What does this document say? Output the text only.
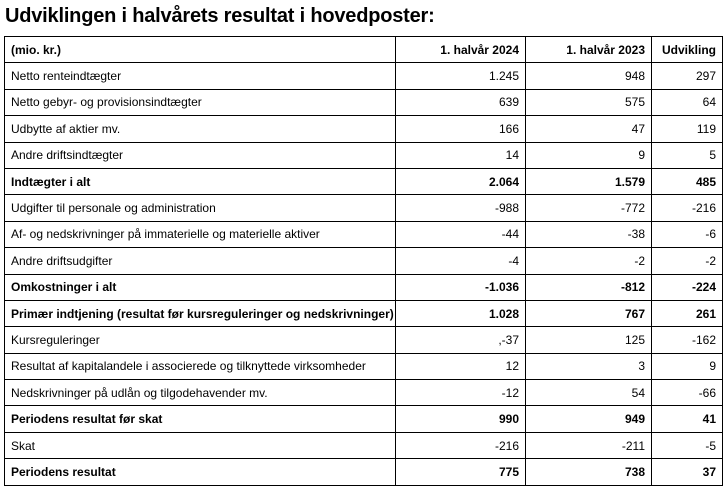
Udviklingen i halvårets resultat i hovedposter:
(mio. kr.)	1. halvår 2024	1. halvår 2023	Udvikling
Netto renteindtægter	1.245	948	297
Netto gebyr- og provisionsindtægter	639	575	64
Udbytte af aktier mv.	166	47	119
Andre driftsindtægter	14	9	5
Indtægter i alt	2.064	1.579	485
Udgifter til personale og administration	-988	-772	-216
Af- og nedskrivninger på immaterielle og materielle aktiver	-44	-38	-6
Andre driftsudgifter	-4	-2	-2
Omkostninger i alt	-1.036	-812	-224
Primær indtjening (resultat før kursreguleringer og nedskrivninger)	1.028	767	261
Kursreguleringer	,-37	125	-162
Resultat af kapitalandele i associerede og tilknyttede virksomheder	12	3	9
Nedskrivninger på udlån og tilgodehavender mv.	-12	54	-66
Periodens resultat før skat	990	949	41
Skat	-216	-211	-5
Periodens resultat	775	738	37
